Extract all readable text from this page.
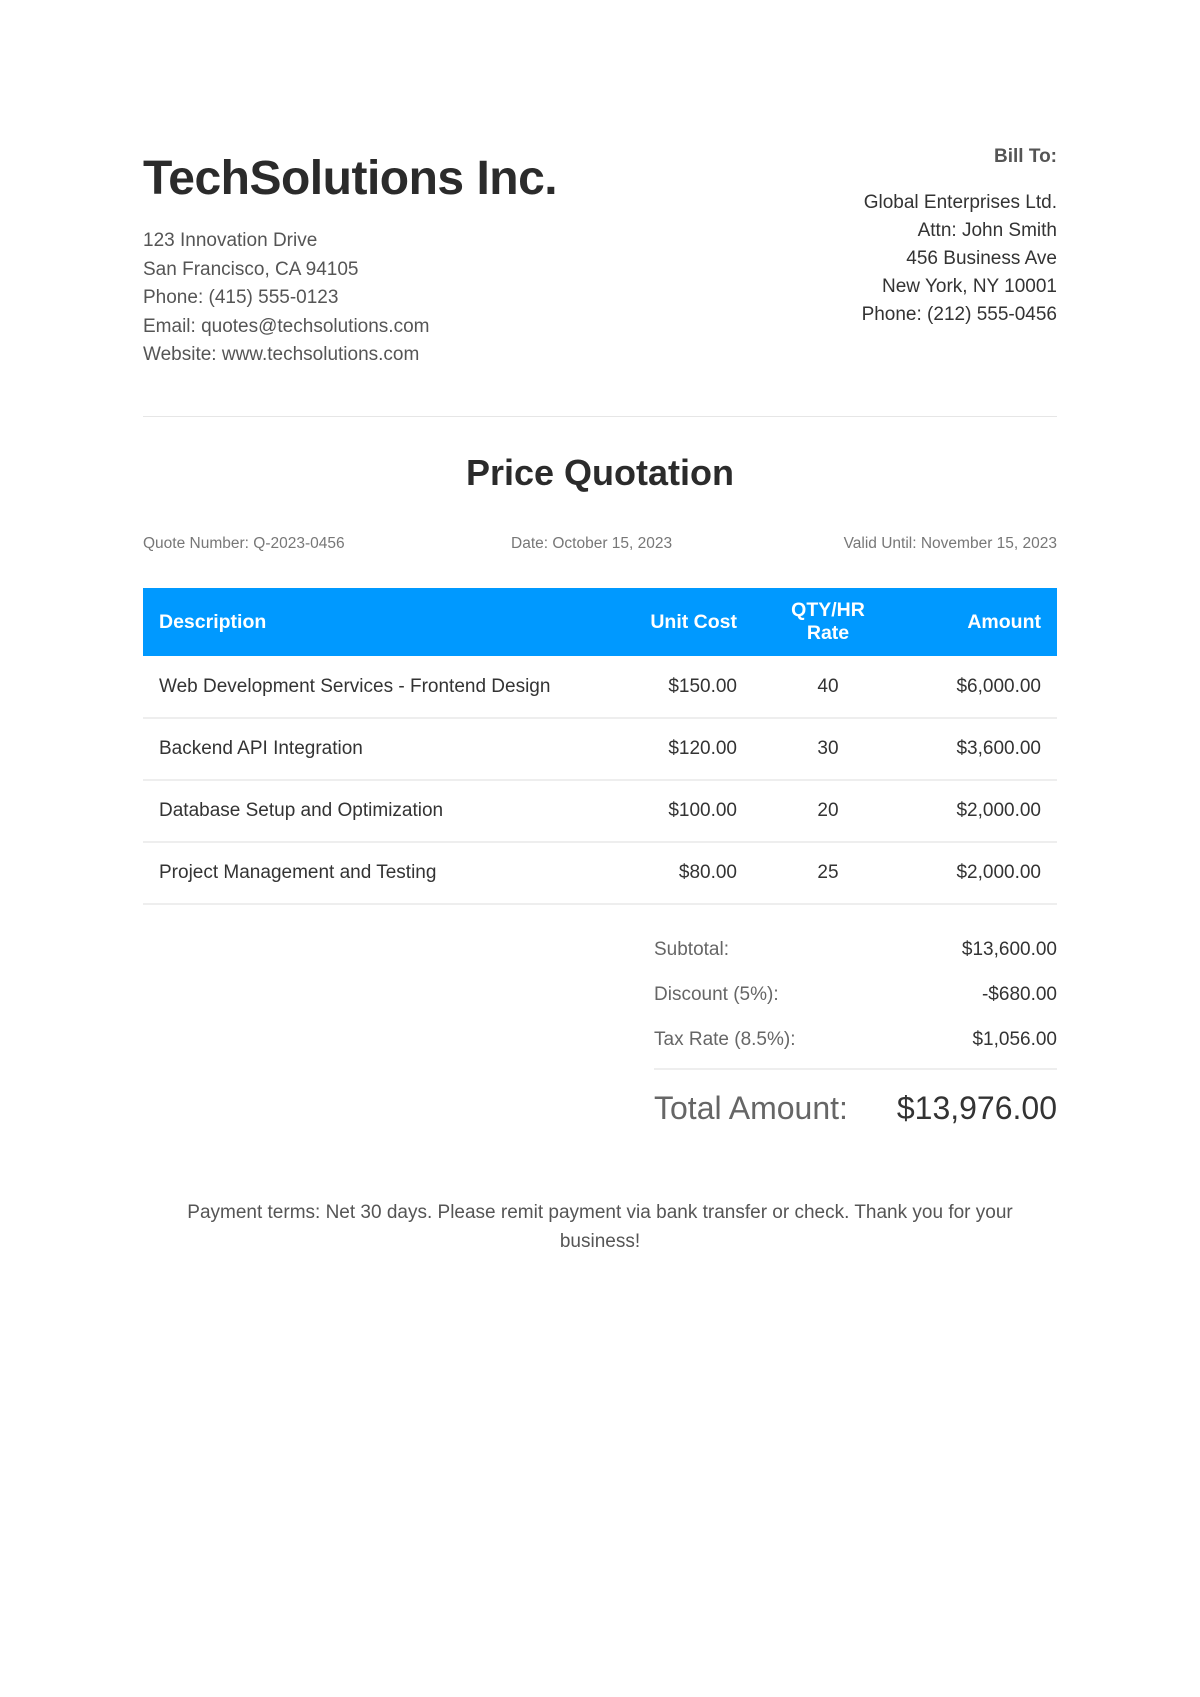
TechSolutions Inc.
123 Innovation Drive
San Francisco, CA 94105
Phone: (415) 555-0123
Email: quotes@techsolutions.com
Website: www.techsolutions.com
Bill To:
Global Enterprises Ltd.
Attn: John Smith
456 Business Ave
New York, NY 10001
Phone: (212) 555-0456
Price Quotation
Quote Number: Q-2023-0456	Date: October 15, 2023	Valid Until: November 15, 2023
Description	Unit Cost	QTY/HR Rate	Amount
Web Development Services - Frontend Design	$150.00	40	$6,000.00
Backend API Integration	$120.00	30	$3,600.00
Database Setup and Optimization	$100.00	20	$2,000.00
Project Management and Testing	$80.00	25	$2,000.00
Subtotal:	$13,600.00
Discount (5%):	-$680.00
Tax Rate (8.5%):	$1,056.00
Total Amount: $13,976.00
Payment terms: Net 30 days. Please remit payment via bank transfer or check. Thank you for your business!
